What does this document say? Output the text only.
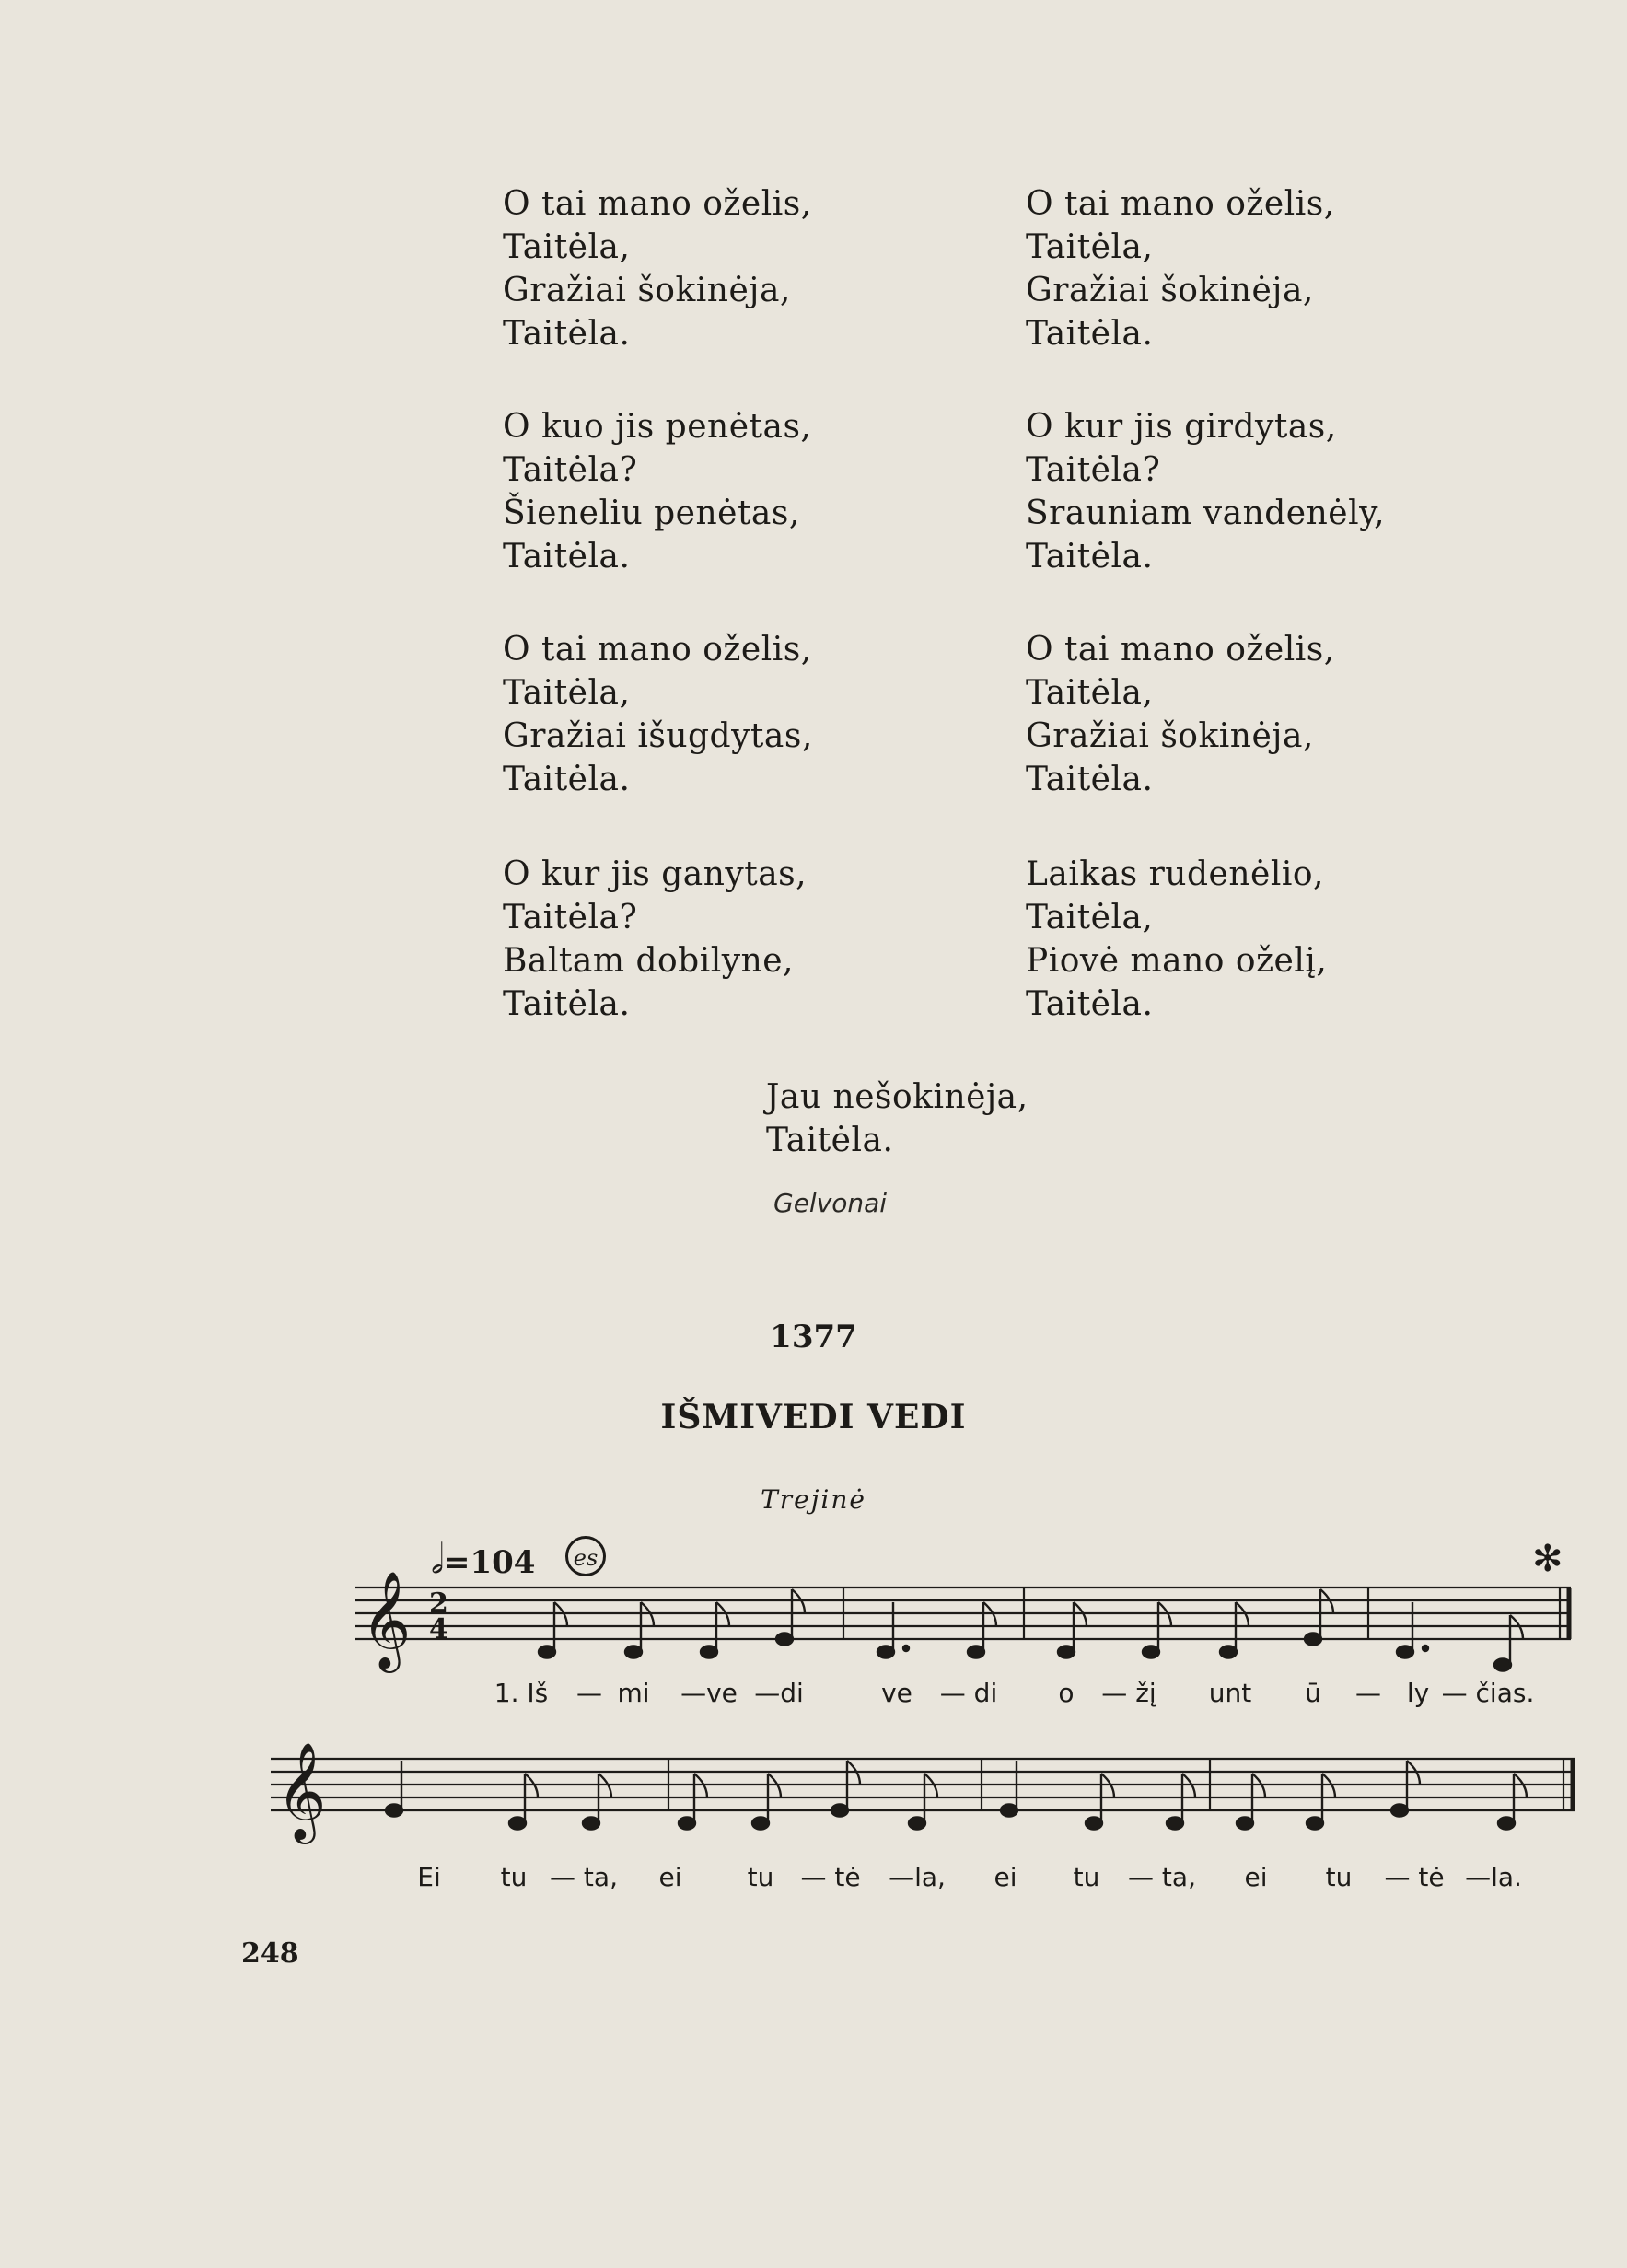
O tai mano oželis,
Taitėla,
Gražiai šokinėja,
Taitėla.
O kuo jis penėtas,
Taitėla?
Šieneliu penėtas,
Taitėla.
O tai mano oželis,
Taitėla,
Gražiai išugdytas,
Taitėla.
O kur jis ganytas,
Taitėla?
Baltam dobilyne,
Taitėla.
O tai mano oželis,
Taitėla,
Gražiai šokinėja,
Taitėla.
O kur jis girdytas,
Taitėla?
Srauniam vandenėly,
Taitėla.
O tai mano oželis,
Taitėla,
Gražiai šokinėja,
Taitėla.
Laikas rudenėlio,
Taitėla,
Piovė mano oželį,
Taitėla.
Jau nešokinėja,
Taitėla.
Gelvonai
1377
IŠMIVEDI VEDI
Trejinė
𝅗𝅥=104	es	✻
𝄞 2
4
𝄞
1. Iš — mi —ve —di	ve — di o — žį unt ū — ly — čias.
Ei tu — ta, ei	tu — tė —la, ei tu — ta, ei tu — tė —la.
248
